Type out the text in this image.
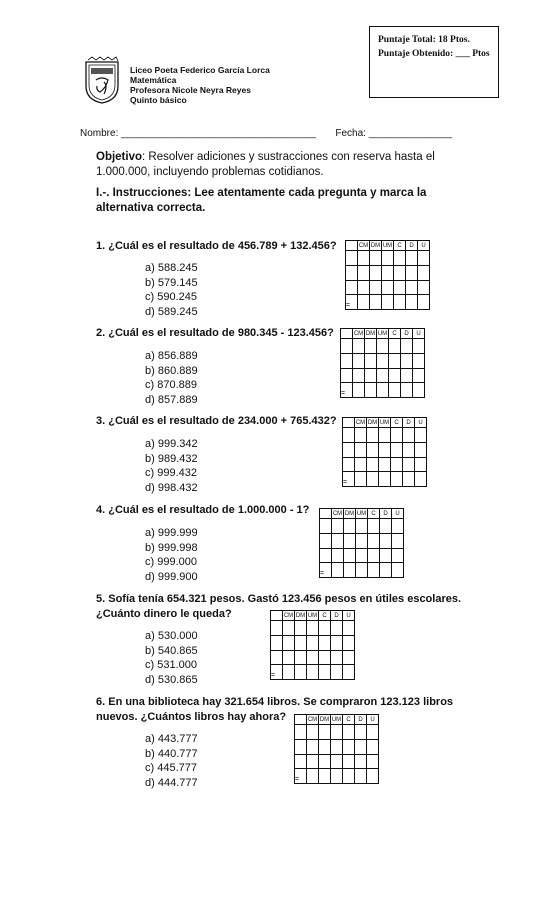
Puntaje Total: 18 Ptos.
Puntaje Obtenido: ___ Ptos
Liceo Poeta Federico García Lorca
Matemática
Profesora Nicole Neyra Reyes
Quinto básico
Nombre: ___________________________________ Fecha: _______________
Objetivo: Resolver adiciones y sustracciones con reserva hasta el 1.000.000, incluyendo problemas cotidianos.
I.-. Instrucciones: Lee atentamente cada pregunta y marca la alternativa correcta.
1. ¿Cuál es el resultado de 456.789 + 132.456?
a) 588.245
b) 579.145
c) 590.245
d) 589.245
	CM	DM	UM	C	D	U

=						
2. ¿Cuál es el resultado de 980.345 - 123.456?
a) 856.889
b) 860.889
c) 870.889
d) 857.889
	CM	DM	UM	C	D	U

=						
3. ¿Cuál es el resultado de 234.000 + 765.432?
a) 999.342
b) 989.432
c) 999.432
d) 998.432
	CM	DM	UM	C	D	U

=						
4. ¿Cuál es el resultado de 1.000.000 - 1?
a) 999.999
b) 999.998
c) 999.000
d) 999.900
	CM	DM	UM	C	D	U

=						
5. Sofía tenía 654.321 pesos. Gastó 123.456 pesos en útiles escolares. ¿Cuánto dinero le queda?
a) 530.000
b) 540.865
c) 531.000
d) 530.865
	CM	DM	UM	C	D	U

=						
6. En una biblioteca hay 321.654 libros. Se compraron 123.123 libros nuevos. ¿Cuántos libros hay ahora?
a) 443.777
b) 440.777
c) 445.777
d) 444.777
	CM	DM	UM	C	D	U

=						
